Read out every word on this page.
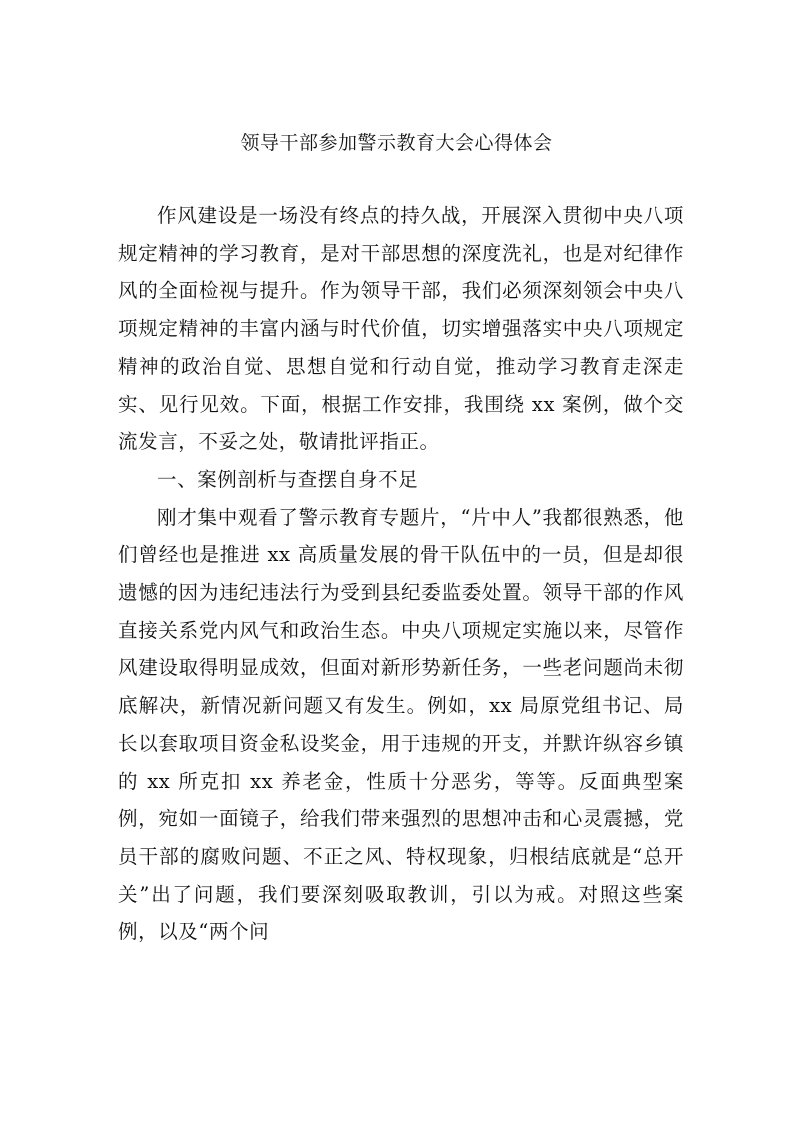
领导干部参加警示教育大会心得体会

作风建设是一场没有终点的持久战，开展深入贯彻中央八项规定精神的学习教育，是对干部思想的深度洗礼，也是对纪律作风的全面检视与提升。作为领导干部，我们必须深刻领会中央八项规定精神的丰富内涵与时代价值，切实增强落实中央八项规定精神的政治自觉、思想自觉和行动自觉，推动学习教育走深走实、见行见效。下面，根据工作安排，我围绕 xx 案例，做个交流发言，不妥之处，敬请批评指正。

一、案例剖析与查摆自身不足

刚才集中观看了警示教育专题片，“片中人”我都很熟悉，他们曾经也是推进 xx 高质量发展的骨干队伍中的一员，但是却很遗憾的因为违纪违法行为受到县纪委监委处置。领导干部的作风直接关系党内风气和政治生态。中央八项规定实施以来，尽管作风建设取得明显成效，但面对新形势新任务，一些老问题尚未彻底解决，新情况新问题又有发生。例如，xx 局原党组书记、局长以套取项目资金私设奖金，用于违规的开支，并默许纵容乡镇的 xx 所克扣 xx 养老金，性质十分恶劣，等等。反面典型案例，宛如一面镜子，给我们带来强烈的思想冲击和心灵震撼，党员干部的腐败问题、不正之风、特权现象，归根结底就是“总开关”出了问题，我们要深刻吸取教训，引以为戒。对照这些案例，以及“两个问
